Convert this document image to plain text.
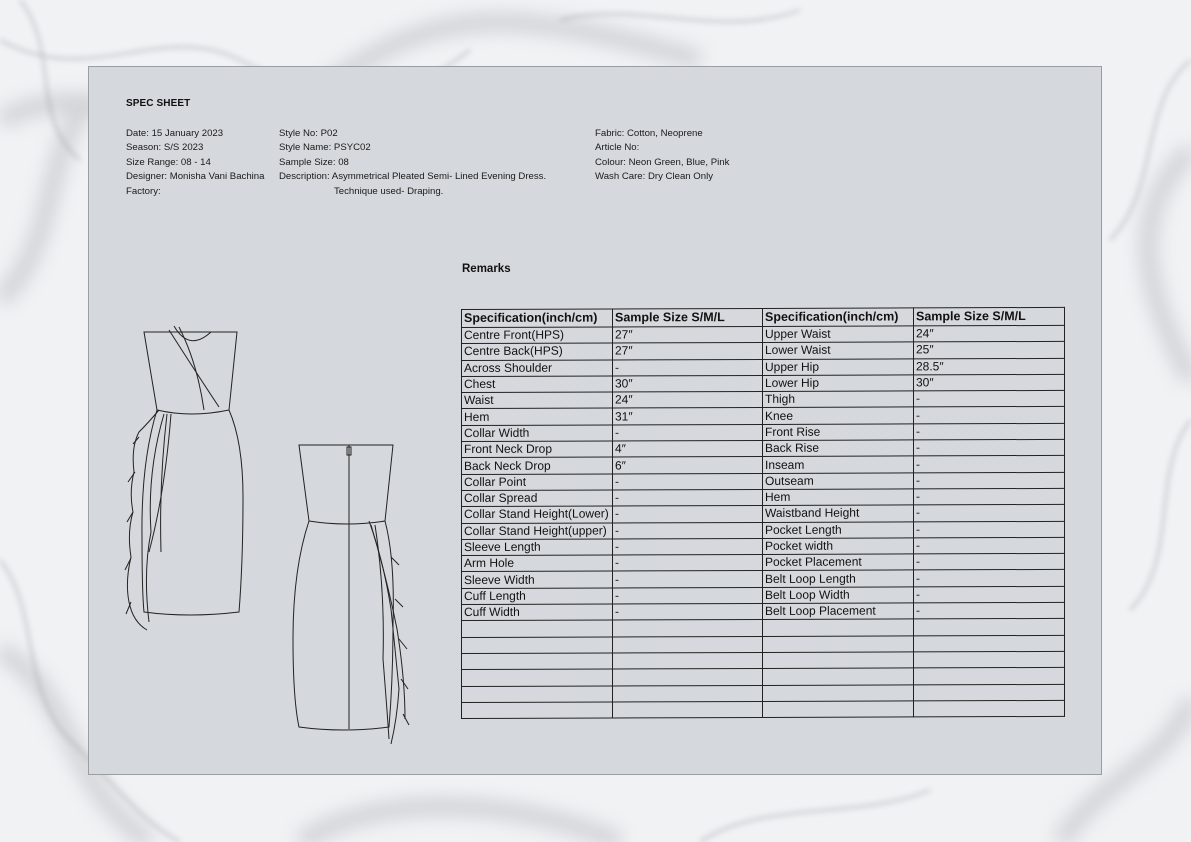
SPEC SHEET
Date: 15 January 2023
Season: S/S 2023
Size Range: 08 - 14
Designer: Monisha Vani Bachina
Factory:
Style No: P02
Style Name: PSYC02
Sample Size: 08
Description: Asymmetrical Pleated Semi- Lined Evening Dress.
Technique used- Draping.
Fabric: Cotton, Neoprene
Article No:
Colour: Neon Green, Blue, Pink
Wash Care: Dry Clean Only
Remarks
Specification(inch/cm)	Sample Size S/M/L	Specification(inch/cm)	Sample Size S/M/L
Centre Front(HPS)	27″	Upper Waist	24″
Centre Back(HPS)	27″	Lower Waist	25″
Across Shoulder	-	Upper Hip	28.5″
Chest	30″	Lower Hip	30″
Waist	24″	Thigh	-
Hem	31″	Knee	-
Collar Width	-	Front Rise	-
Front Neck Drop	4″	Back Rise	-
Back Neck Drop	6″	Inseam	-
Collar Point	-	Outseam	-
Collar Spread	-	Hem	-
Collar Stand Height(Lower)	-	Waistband Height	-
Collar Stand Height(upper)	-	Pocket Length	-
Sleeve Length	-	Pocket width	-
Arm Hole	-	Pocket Placement	-
Sleeve Width	-	Belt Loop Length	-
Cuff Length	-	Belt Loop Width	-
Cuff Width	-	Belt Loop Placement	-
